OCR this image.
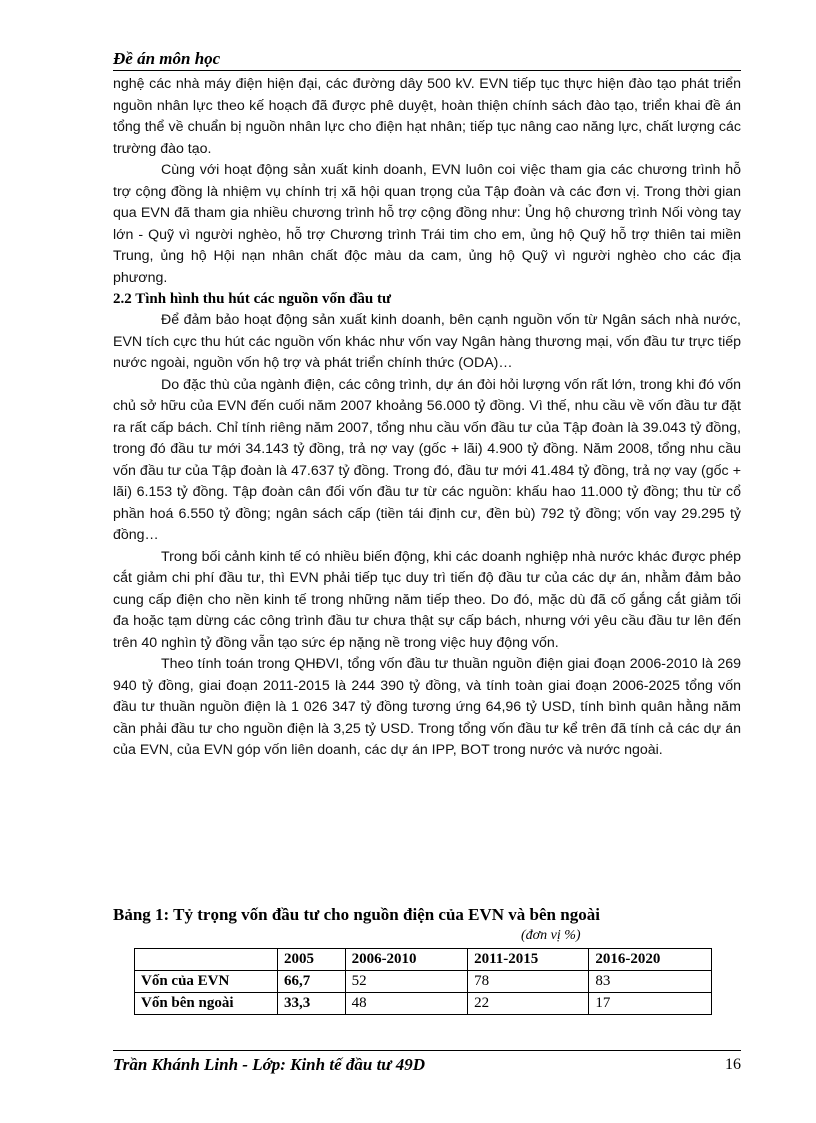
Đề án môn học

nghệ các nhà máy điện hiện đại, các đường dây 500 kV. EVN tiếp tục thực hiện đào tạo phát triển nguồn nhân lực theo kế hoạch đã được phê duyệt, hoàn thiện chính sách đào tạo, triển khai đề án tổng thể về chuẩn bị nguồn nhân lực cho điện hạt nhân; tiếp tục nâng cao năng lực, chất lượng các trường đào tạo.

Cùng với hoạt động sản xuất kinh doanh, EVN luôn coi việc tham gia các chương trình hỗ trợ cộng đồng là nhiệm vụ chính trị xã hội quan trọng của Tập đoàn và các đơn vị. Trong thời gian qua EVN đã tham gia nhiều chương trình hỗ trợ cộng đồng như: Ủng hộ chương trình Nối vòng tay lớn - Quỹ vì người nghèo, hỗ trợ Chương trình Trái tim cho em, ủng hộ Quỹ hỗ trợ thiên tai miền Trung, ủng hộ Hội nạn nhân chất độc màu da cam, ủng hộ Quỹ vì người nghèo cho các địa phương.

2.2 Tình hình thu hút các nguồn vốn đầu tư

Để đảm bảo hoạt động sản xuất kinh doanh, bên cạnh nguồn vốn từ Ngân sách nhà nước, EVN tích cực thu hút các nguồn vốn khác như vốn vay Ngân hàng thương mại, vốn đầu tư trực tiếp nước ngoài, nguồn vốn hộ trợ và phát triển chính thức (ODA)…

Do đặc thù của ngành điện, các công trình, dự án đòi hỏi lượng vốn rất lớn, trong khi đó vốn chủ sở hữu của EVN đến cuối năm 2007 khoảng 56.000 tỷ đồng. Vì thế, nhu cầu về vốn đầu tư đặt ra rất cấp bách. Chỉ tính riêng năm 2007, tổng nhu cầu vốn đầu tư của Tập đoàn là 39.043 tỷ đồng, trong đó đầu tư mới 34.143 tỷ đồng, trả nợ vay (gốc + lãi) 4.900 tỷ đồng. Năm 2008, tổng nhu cầu vốn đầu tư của Tập đoàn là 47.637 tỷ đồng. Trong đó, đầu tư mới 41.484 tỷ đồng, trả nợ vay (gốc + lãi) 6.153 tỷ đồng. Tập đoàn cân đối vốn đầu tư từ các nguồn: khấu hao 11.000 tỷ đồng; thu từ cổ phần hoá 6.550 tỷ đồng; ngân sách cấp (tiền tái định cư, đền bù) 792 tỷ đồng; vốn vay 29.295 tỷ đồng…

Trong bối cảnh kinh tế có nhiều biến động, khi các doanh nghiệp nhà nước khác được phép cắt giảm chi phí đầu tư, thì EVN phải tiếp tục duy trì tiến độ đầu tư của các dự án, nhằm đảm bảo cung cấp điện cho nền kinh tế trong những năm tiếp theo. Do đó, mặc dù đã cố gắng cắt giảm tối đa hoặc tạm dừng các công trình đầu tư chưa thật sự cấp bách, nhưng với yêu cầu đầu tư lên đến trên 40 nghìn tỷ đồng vẫn tạo sức ép nặng nề trong việc huy động vốn.

Theo tính toán trong QHĐVI, tổng vốn đầu tư thuần nguồn điện giai đoạn 2006-2010 là 269 940 tỷ đồng, giai đoạn 2011-2015 là 244 390 tỷ đồng, và tính toàn giai đoạn 2006-2025 tổng vốn đầu tư thuần nguồn điện là 1 026 347 tỷ đồng tương ứng 64,96 tỷ USD, tính bình quân hằng năm cần phải đầu tư cho nguồn điện là 3,25 tỷ USD. Trong tổng vốn đầu tư kể trên đã tính cả các dự án của EVN, của EVN góp vốn liên doanh, các dự án IPP, BOT trong nước và nước ngoài.

Bảng 1: Tỷ trọng vốn đầu tư cho nguồn điện của EVN và bên ngoài
(đơn vị %)
	2005	2006-2010	2011-2015	2016-2020
Vốn của EVN	66,7	52	78	83
Vốn bên ngoài	33,3	48	22	17
Trần Khánh Linh - Lớp: Kinh tế đầu tư 49D	16
